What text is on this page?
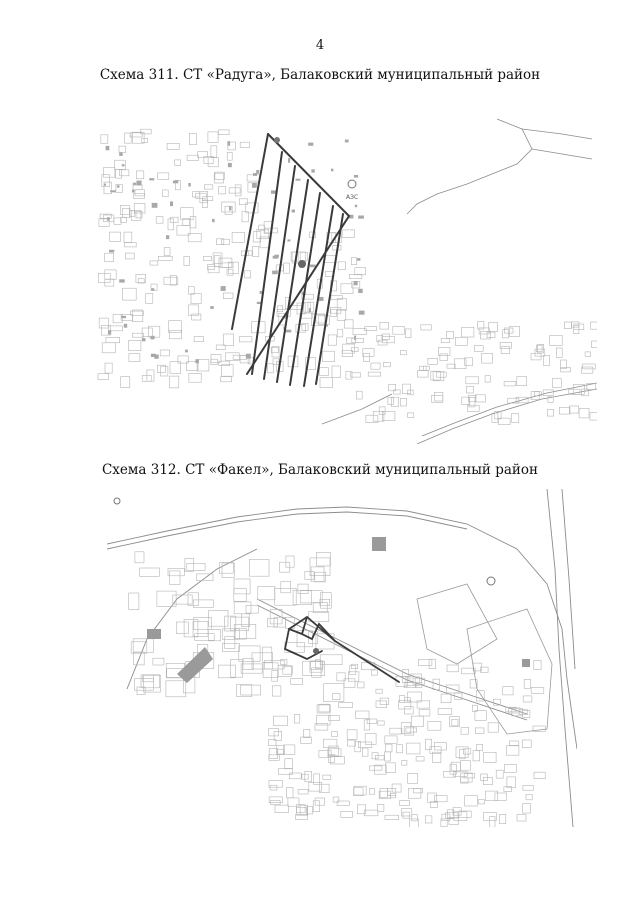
4
Схема 311. СТ «Радуга», Балаковский муниципальный район
АЗС
Схема 312. СТ «Факел», Балаковский муниципальный район
